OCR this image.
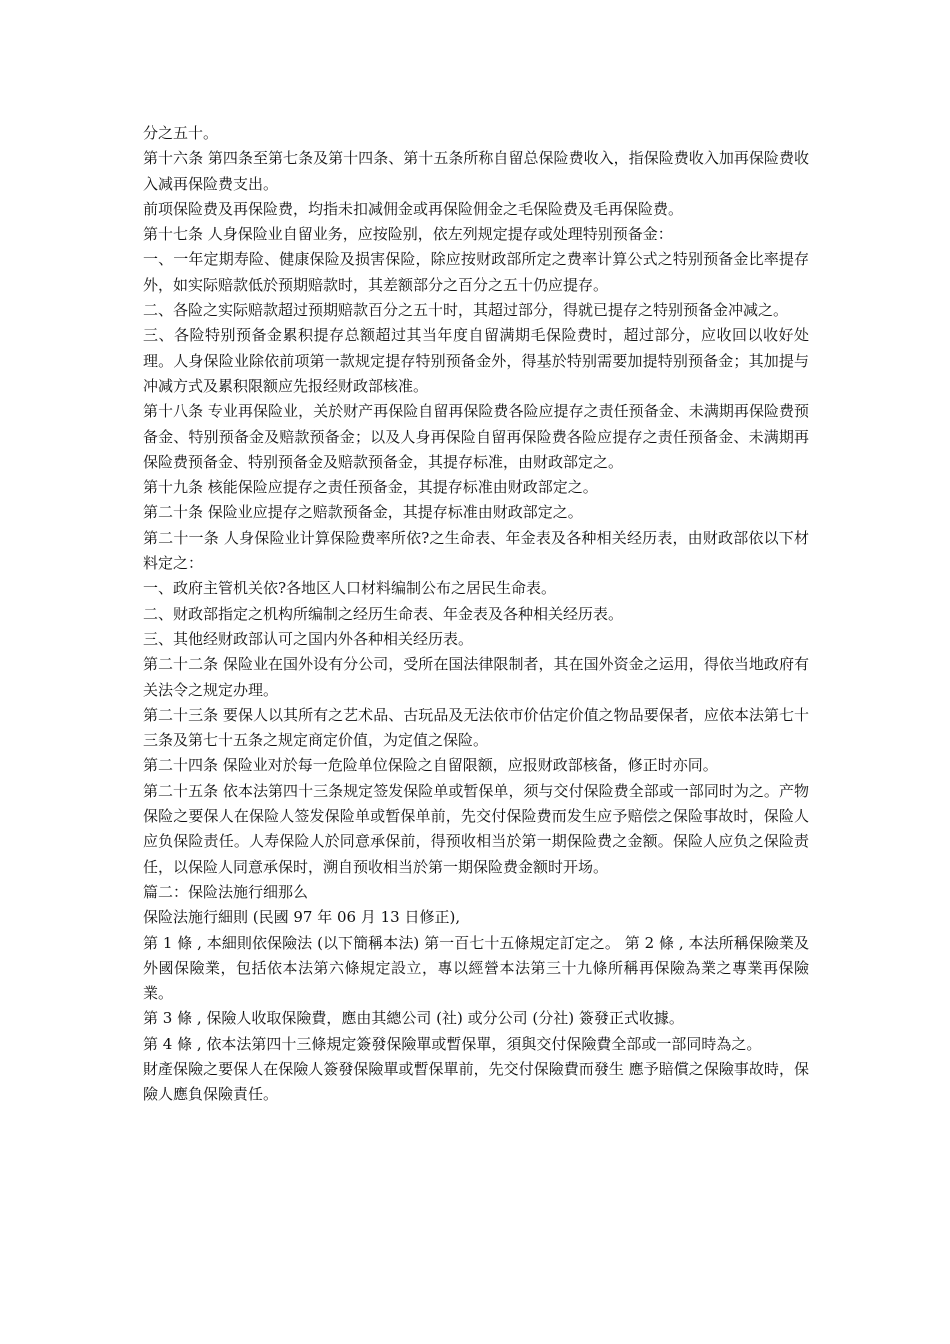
分之五十。

第十六条 第四条至第七条及第十四条、第十五条所称自留总保险费收入，指保险费收入加再保险费收入减再保险费支出。

前项保险费及再保险费，均指未扣减佣金或再保险佣金之毛保险费及毛再保险费。

第十七条 人身保险业自留业务，应按险别，依左列规定提存或处理特别预备金：

一、一年定期寿险、健康保险及损害保险，除应按财政部所定之费率计算公式之特别预备金比率提存外，如实际赔款低於预期赔款时，其差额部分之百分之五十仍应提存。

二、各险之实际赔款超过预期赔款百分之五十时，其超过部分，得就已提存之特别预备金冲减之。

三、各险特别预备金累积提存总额超过其当年度自留满期毛保险费时，超过部分，应收回以收好处理。人身保险业除依前项第一款规定提存特别预备金外，得基於特别需要加提特别预备金；其加提与冲减方式及累积限额应先报经财政部核准。

第十八条 专业再保险业，关於财产再保险自留再保险费各险应提存之责任预备金、未满期再保险费预备金、特别预备金及赔款预备金；以及人身再保险自留再保险费各险应提存之责任预备金、未满期再保险费预备金、特别预备金及赔款预备金，其提存标准，由财政部定之。

第十九条 核能保险应提存之责任预备金，其提存标准由财政部定之。

第二十条 保险业应提存之赔款预备金，其提存标准由财政部定之。

第二十一条 人身保险业计算保险费率所依?之生命表、年金表及各种相关经历表，由财政部依以下材料定之：

一、政府主管机关依?各地区人口材料编制公布之居民生命表。

二、财政部指定之机构所编制之经历生命表、年金表及各种相关经历表。

三、其他经财政部认可之国内外各种相关经历表。

第二十二条 保险业在国外设有分公司，受所在国法律限制者，其在国外资金之运用，得依当地政府有关法令之规定办理。

第二十三条 要保人以其所有之艺术品、古玩品及无法依市价估定价值之物品要保者，应依本法第七十三条及第七十五条之规定商定价值，为定值之保险。

第二十四条 保险业对於每一危险单位保险之自留限额，应报财政部核备，修正时亦同。

第二十五条 依本法第四十三条规定签发保险单或暂保单，须与交付保险费全部或一部同时为之。产物保险之要保人在保险人签发保险单或暂保单前，先交付保险费而发生应予赔偿之保险事故时，保险人应负保险责任。人寿保险人於同意承保前，得预收相当於第一期保险费之金额。保险人应负之保险责任，以保险人同意承保时，溯自预收相当於第一期保险费金额时开场。

篇二：保险法施行细那么

保险法施行細則 (民國 97 年 06 月 13 日修正),

第 1 條 , 本細則依保險法 (以下簡稱本法) 第一百七十五條規定訂定之。 第 2 條 , 本法所稱保險業及外國保險業，包括依本法第六條規定設立，專以經營本法第三十九條所稱再保險為業之專業再保險業。

第 3 條 , 保險人收取保險費，應由其總公司 (社) 或分公司 (分社) 簽發正式收據。

第 4 條 , 依本法第四十三條規定簽發保險單或暫保單，須與交付保險費全部或一部同時為之。

財產保險之要保人在保險人簽發保險單或暫保單前，先交付保險費而發生 應予賠償之保險事故時，保險人應負保險責任。
